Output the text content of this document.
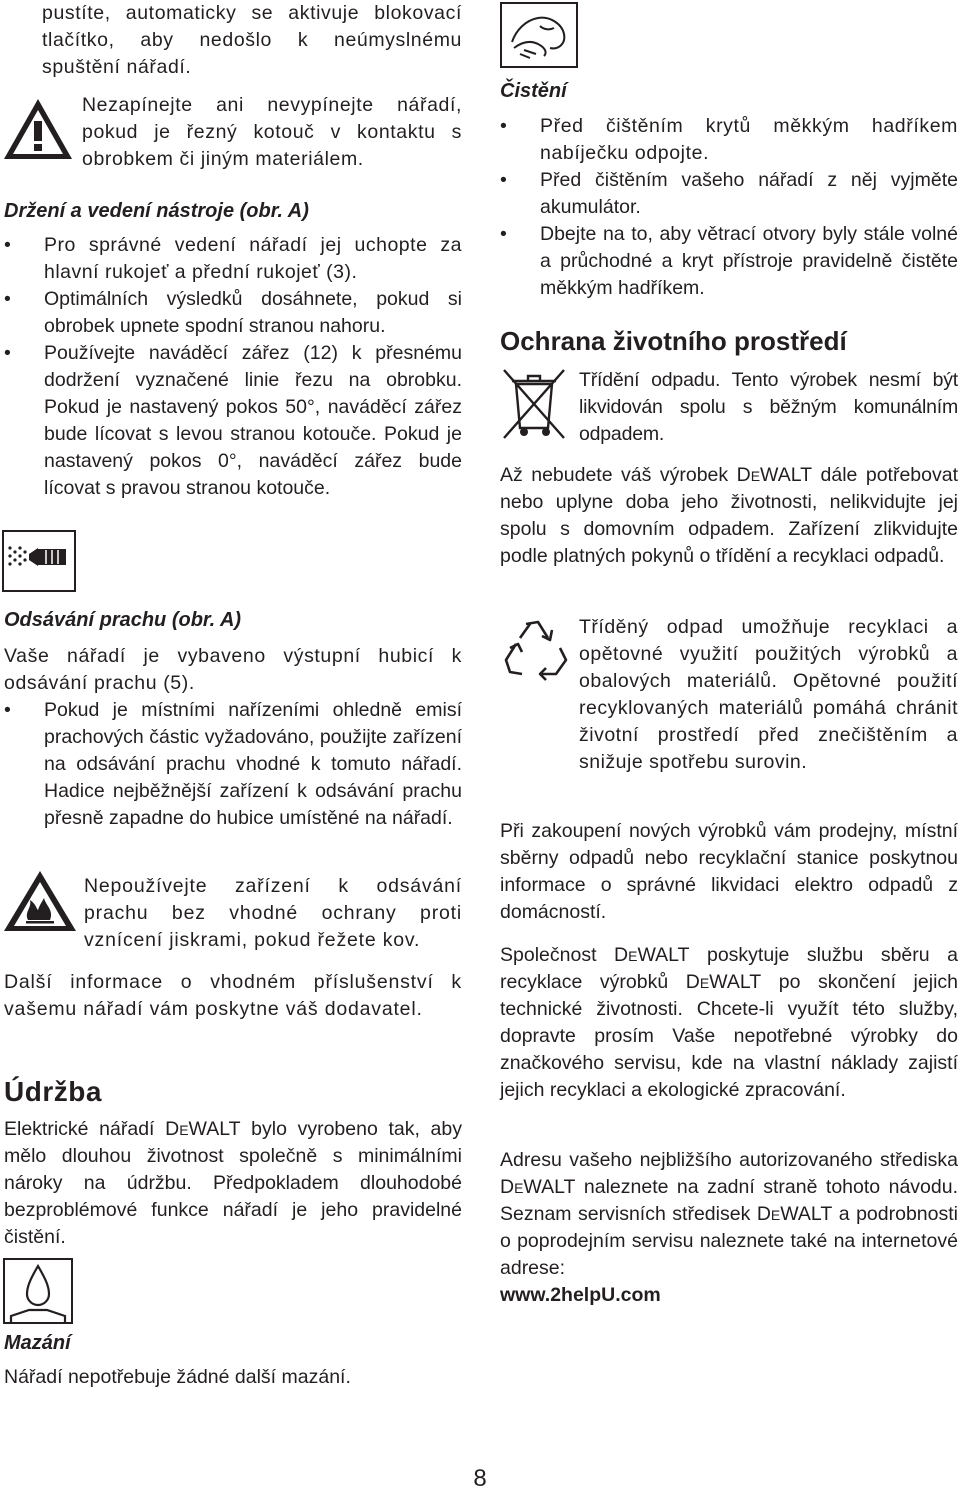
pustíte, automaticky se aktivuje blokovací tlačítko, aby nedošlo k neúmyslnému spuštění nářadí.

Nezapínejte ani nevypínejte nářadí, pokud je řezný kotouč v kontaktu s obrobkem či jiným materiálem.

Držení a vedení nástroje (obr. A)
• Pro správné vedení nářadí jej uchopte za hlavní rukojeť a přední rukojeť (3).
• Optimálních výsledků dosáhnete, pokud si obrobek upnete spodní stranou nahoru.
• Používejte naváděcí zářez (12) k přesnému dodržení vyznačené linie řezu na obrobku. Pokud je nastavený pokos 50°, naváděcí zářez bude lícovat s levou stranou kotouče. Pokud je nastavený pokos 0°, naváděcí zářez bude lícovat s pravou stranou kotouče.
Odsávání prachu (obr. A)

Vaše nářadí je vybaveno výstupní hubicí k odsávání prachu (5).

• Pokud je místními nařízeními ohledně emisí prachových částic vyžadováno, použijte zařízení na odsávání prachu vhodné k tomuto nářadí. Hadice nejběžnější zařízení k odsávání prachu přesně zapadne do hubice umístěné na nářadí.

Nepoužívejte zařízení k odsávání prachu bez vhodné ochrany proti vznícení jiskrami, pokud řežete kov.

Další informace o vhodném příslušenství k vašemu nářadí vám poskytne váš dodavatel.

Údržba

Elektrické nářadí DeWALT bylo vyrobeno tak, aby mělo dlouhou životnost společně s minimálními nároky na údržbu. Předpokladem dlouhodobé bezproblémové funkce nářadí je jeho pravidelné čistění.

Mazání

Nářadí nepotřebuje žádné další mazání.

Čistění
• Před čištěním krytů měkkým hadříkem nabíječku odpojte.
• Před čištěním vašeho nářadí z něj vyjměte akumulátor.
• Dbejte na to, aby větrací otvory byly stále volné a průchodné a kryt přístroje pravidelně čistěte měkkým hadříkem.
Ochrana životního prostředí

Třídění odpadu. Tento výrobek nesmí být likvidován spolu s běžným komunálním odpadem.

Až nebudete váš výrobek DeWALT dále potřebovat nebo uplyne doba jeho životnosti, nelikvidujte jej spolu s domovním odpadem. Zařízení zlikvidujte podle platných pokynů o třídění a recyklaci odpadů.

Tříděný odpad umožňuje recyklaci a opětovné využití použitých výrobků a obalových materiálů. Opětovné použití recyklovaných materiálů pomáhá chránit životní prostředí před znečištěním a snižuje spotřebu surovin.

Při zakoupení nových výrobků vám prodejny, místní sběrny odpadů nebo recyklační stanice poskytnou informace o správné likvidaci elektro odpadů z domácností.

Společnost DeWALT poskytuje službu sběru a recyklace výrobků DeWALT po skončení jejich technické životnosti. Chcete-li využít této služby, dopravte prosím Vaše nepotřebné výrobky do značkového servisu, kde na vlastní náklady zajistí jejich recyklaci a ekologické zpracování.

Adresu vašeho nejbližšího autorizovaného střediska DeWALT naleznete na zadní straně tohoto návodu. Seznam servisních středisek DeWALT a podrobnosti o poprodejním servisu naleznete také na internetové adrese:
www.2helpU.com

8
